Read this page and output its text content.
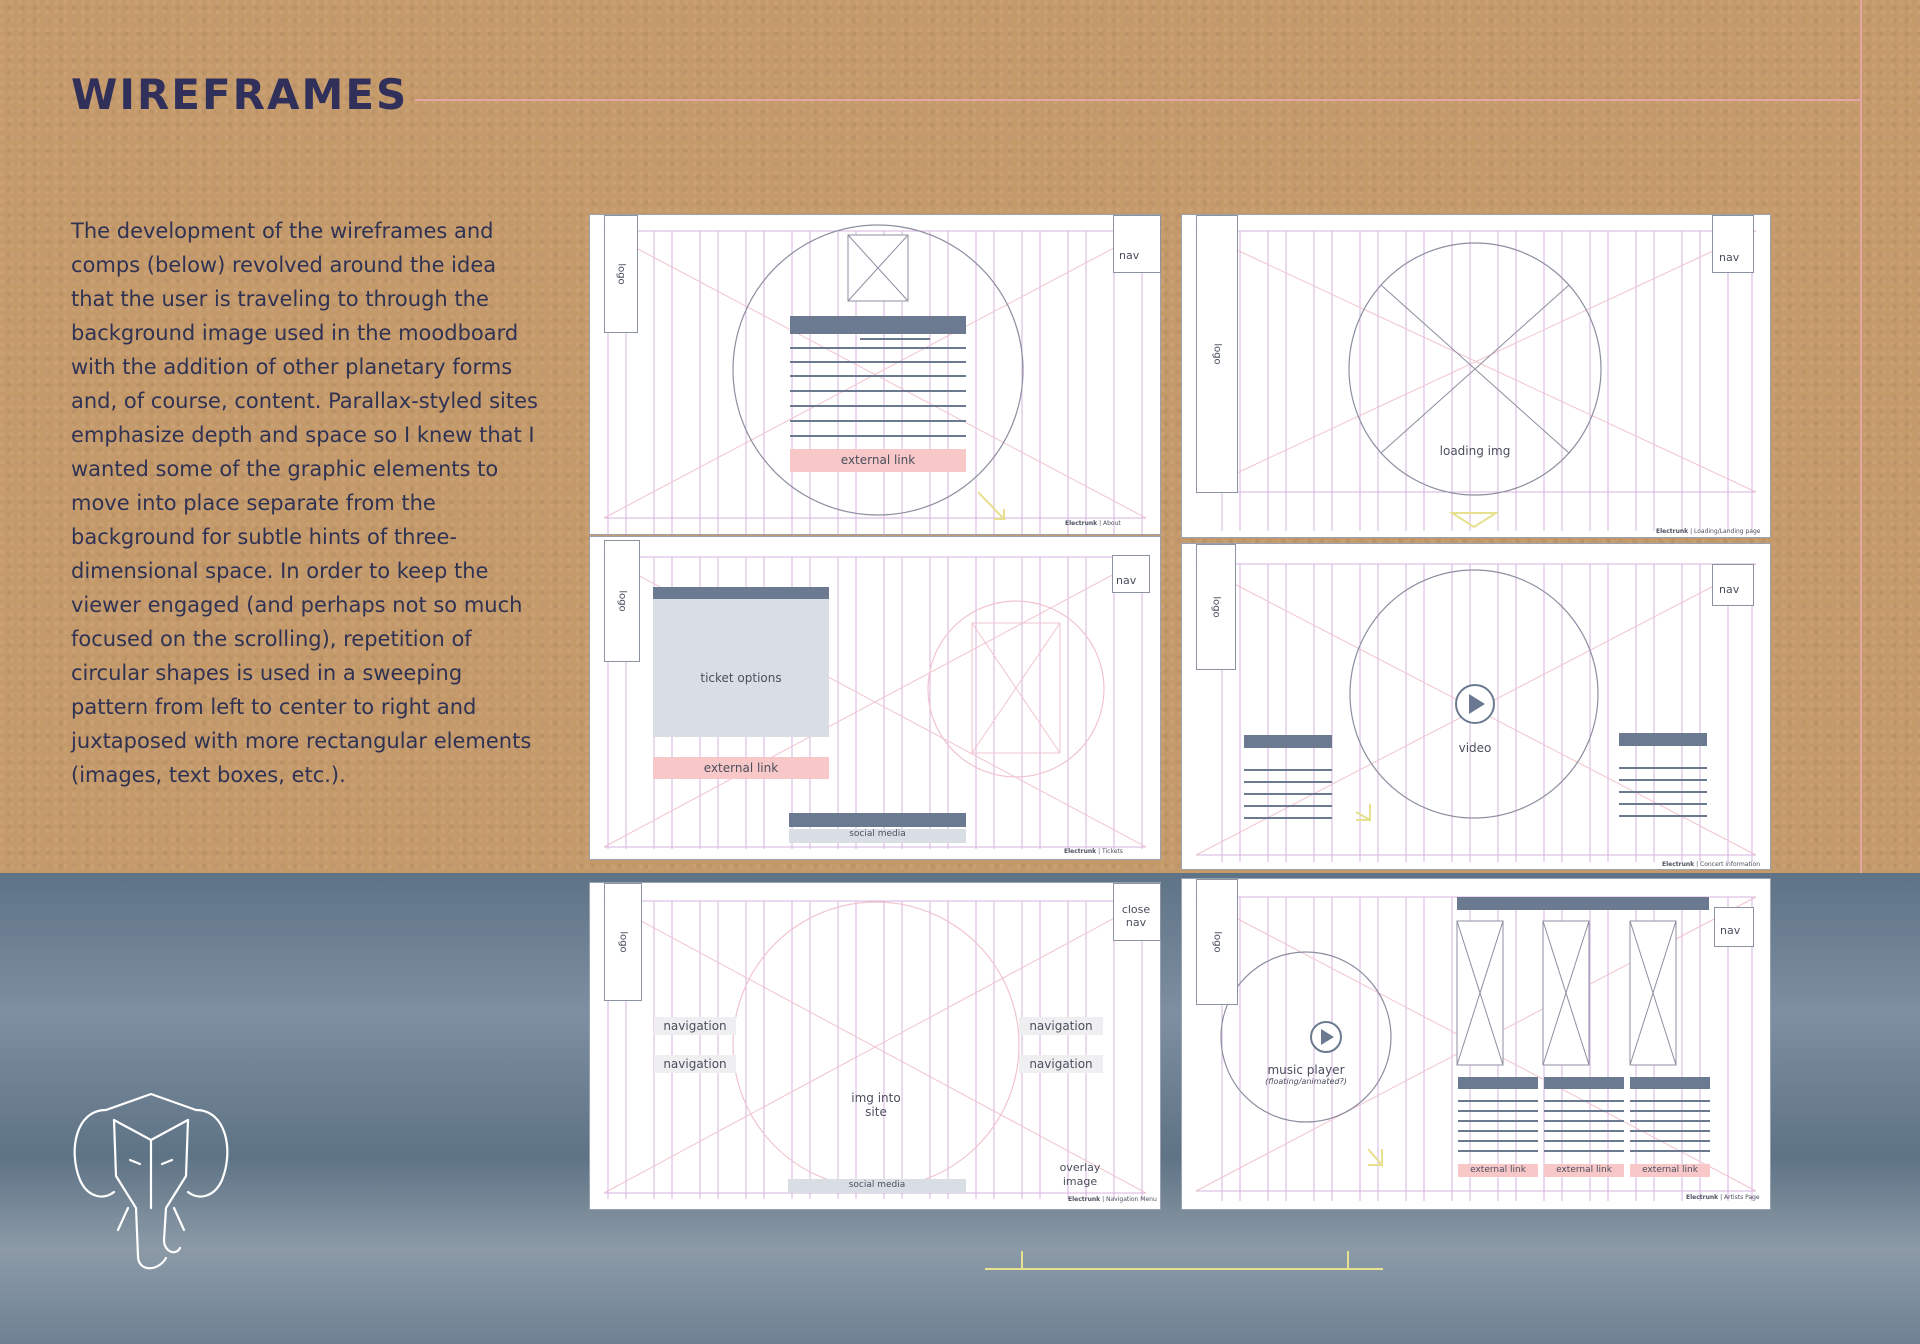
WIREFRAMES

The development of the wireframes and comps (below) revolved around the idea that the user is traveling to through the background image used in the moodboard with the addition of other planetary forms and, of course, content. Parallax-styled sites emphasize depth and space so I knew that I wanted some of the graphic elements to move into place separate from the background for subtle hints of three-dimensional space. In order to keep the viewer engaged (and perhaps not so much focused on the scrolling), repetition of circular shapes is used in a sweeping pattern from left to center to right and juxtaposed with more rectangular elements (images, text boxes, etc.).

logo
nav
external link
Electrunk | About
logo
nav
loading img
Electrunk | Loading/Landing page
logo
nav
ticket options
external link
social media
Electrunk | Tickets
logo
nav
video
Electrunk | Concert information
logo
close nav
navigation
navigation
navigation
navigation
img into site
social media
overlay image
Electrunk | Navigation Menu
logo
nav
music player
(floating/animated?)
external link	external link	external link
Electrunk | Artists Page
